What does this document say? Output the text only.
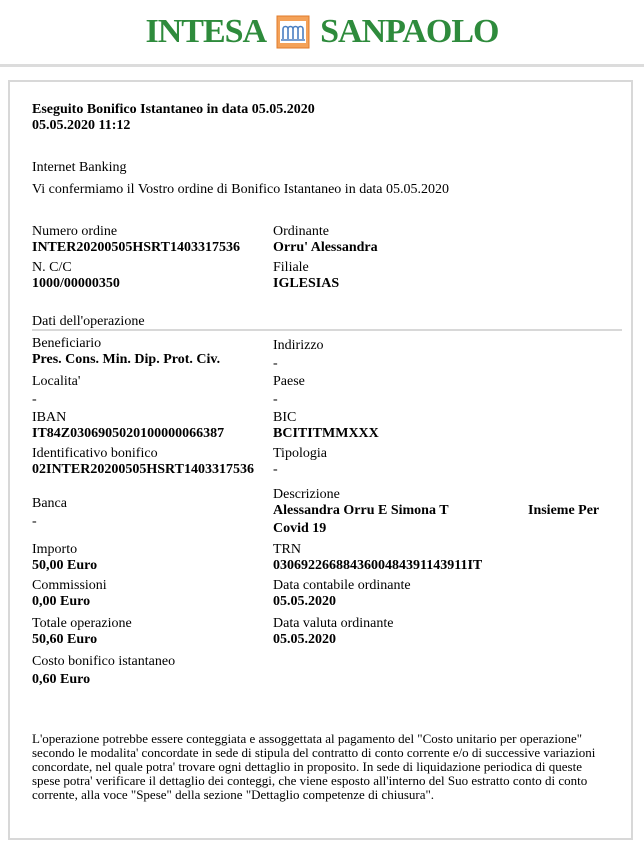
INTESA SANPAOLO
Eseguito Bonifico Istantaneo in data 05.05.2020
05.05.2020 11:12
Internet Banking
Vi confermiamo il Vostro ordine di Bonifico Istantaneo in data 05.05.2020
Numero ordine
INTER20200505HSRT1403317536
Ordinante
Orru' Alessandra
N. C/C
1000/00000350
Filiale
IGLESIAS
Dati dell'operazione
Beneficiario
Pres. Cons. Min. Dip. Prot. Civ.
Indirizzo
-
Localita'
-
Paese
-
IBAN
IT84Z0306905020100000066387
BIC
BCITITMMXXX
Identificativo bonifico
02INTER20200505HSRT1403317536
Tipologia
-
Banca
-
Descrizione
Alessandra Orru E Simona T	Insieme Per
Covid 19
Importo
50,00 Euro
TRN
0306922668843600484391143911IT
Commissioni
0,00 Euro
Data contabile ordinante
05.05.2020
Totale operazione
50,60 Euro
Data valuta ordinante
05.05.2020
Costo bonifico istantaneo
0,60 Euro
L'operazione potrebbe essere conteggiata e assoggettata al pagamento del "Costo unitario per operazione" secondo le modalita' concordate in sede di stipula del contratto di conto corrente e/o di successive variazioni concordate, nel quale potra' trovare ogni dettaglio in proposito. In sede di liquidazione periodica di queste spese potra' verificare il dettaglio dei conteggi, che viene esposto all'interno del Suo estratto conto di conto corrente, alla voce "Spese" della sezione "Dettaglio competenze di chiusura".
